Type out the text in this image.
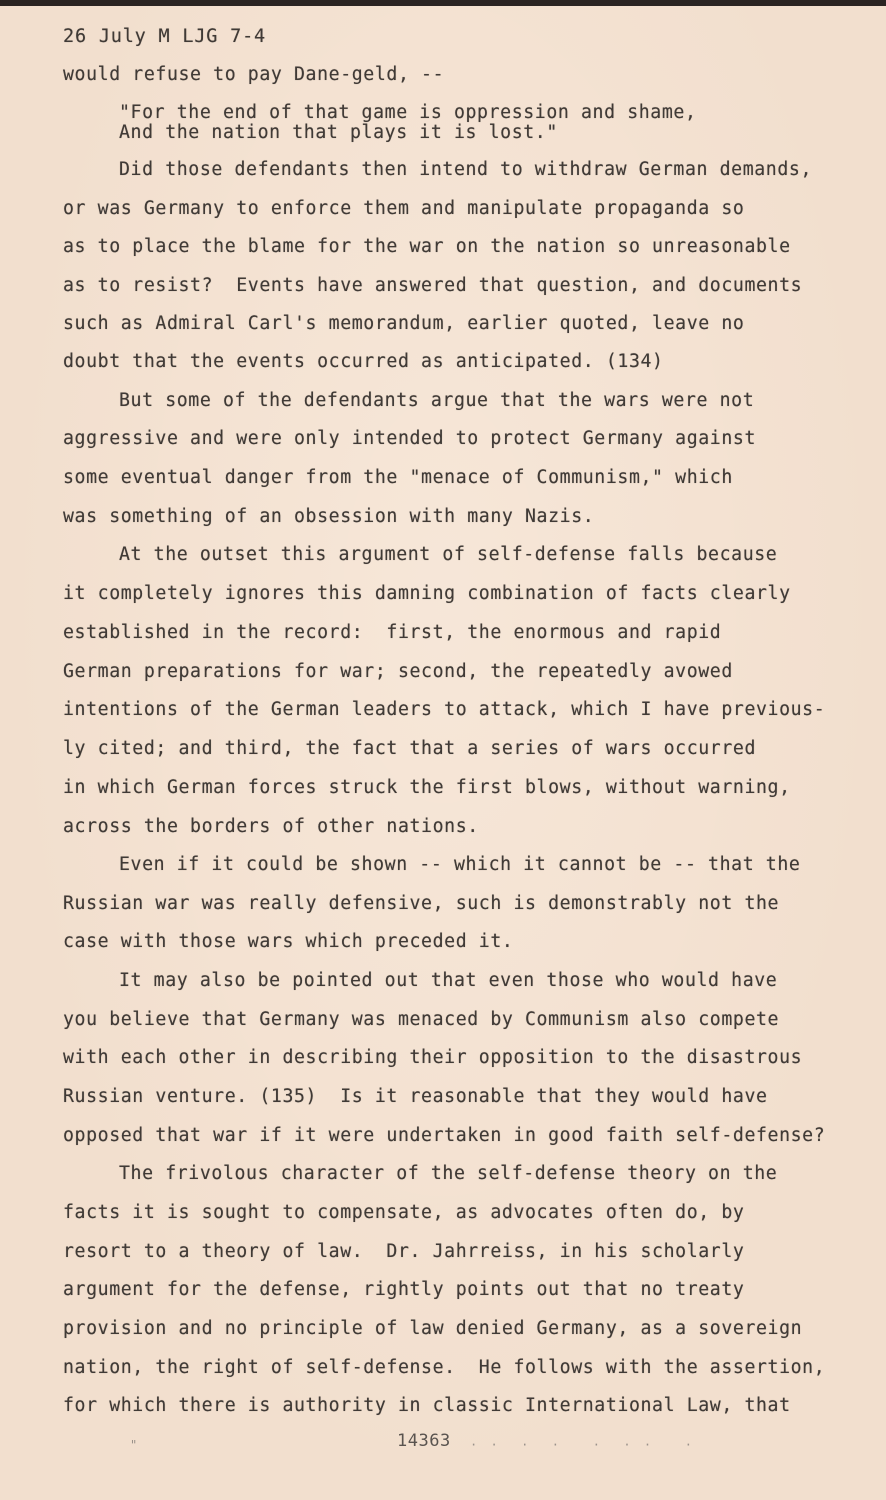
26 July M LJG 7-4
would refuse to pay Dane-geld, --
"For the end of that game is oppression and shame,
And the nation that plays it is lost."
Did those defendants then intend to withdraw German demands,
or was Germany to enforce them and manipulate propaganda so
as to place the blame for the war on the nation so unreasonable
as to resist?  Events have answered that question, and documents
such as Admiral Carl's memorandum, earlier quoted, leave no
doubt that the events occurred as anticipated. (134)
But some of the defendants argue that the wars were not
aggressive and were only intended to protect Germany against
some eventual danger from the "menace of Communism," which
was something of an obsession with many Nazis.
At the outset this argument of self-defense falls because
it completely ignores this damning combination of facts clearly
established in the record:  first, the enormous and rapid
German preparations for war; second, the repeatedly avowed
intentions of the German leaders to attack, which I have previous-
ly cited; and third, the fact that a series of wars occurred
in which German forces struck the first blows, without warning,
across the borders of other nations.
Even if it could be shown -- which it cannot be -- that the
Russian war was really defensive, such is demonstrably not the
case with those wars which preceded it.
It may also be pointed out that even those who would have
you believe that Germany was menaced by Communism also compete
with each other in describing their opposition to the disastrous
Russian venture. (135)  Is it reasonable that they would have
opposed that war if it were undertaken in good faith self-defense?
The frivolous character of the self-defense theory on the
facts it is sought to compensate, as advocates often do, by
resort to a theory of law.  Dr. Jahrreiss, in his scholarly
argument for the defense, rightly points out that no treaty
provision and no principle of law denied Germany, as a sovereign
nation, the right of self-defense.  He follows with the assertion,
for which there is authority in classic International Law, that
"	· ·  ·  ·   ·  · ·   ·
14363
